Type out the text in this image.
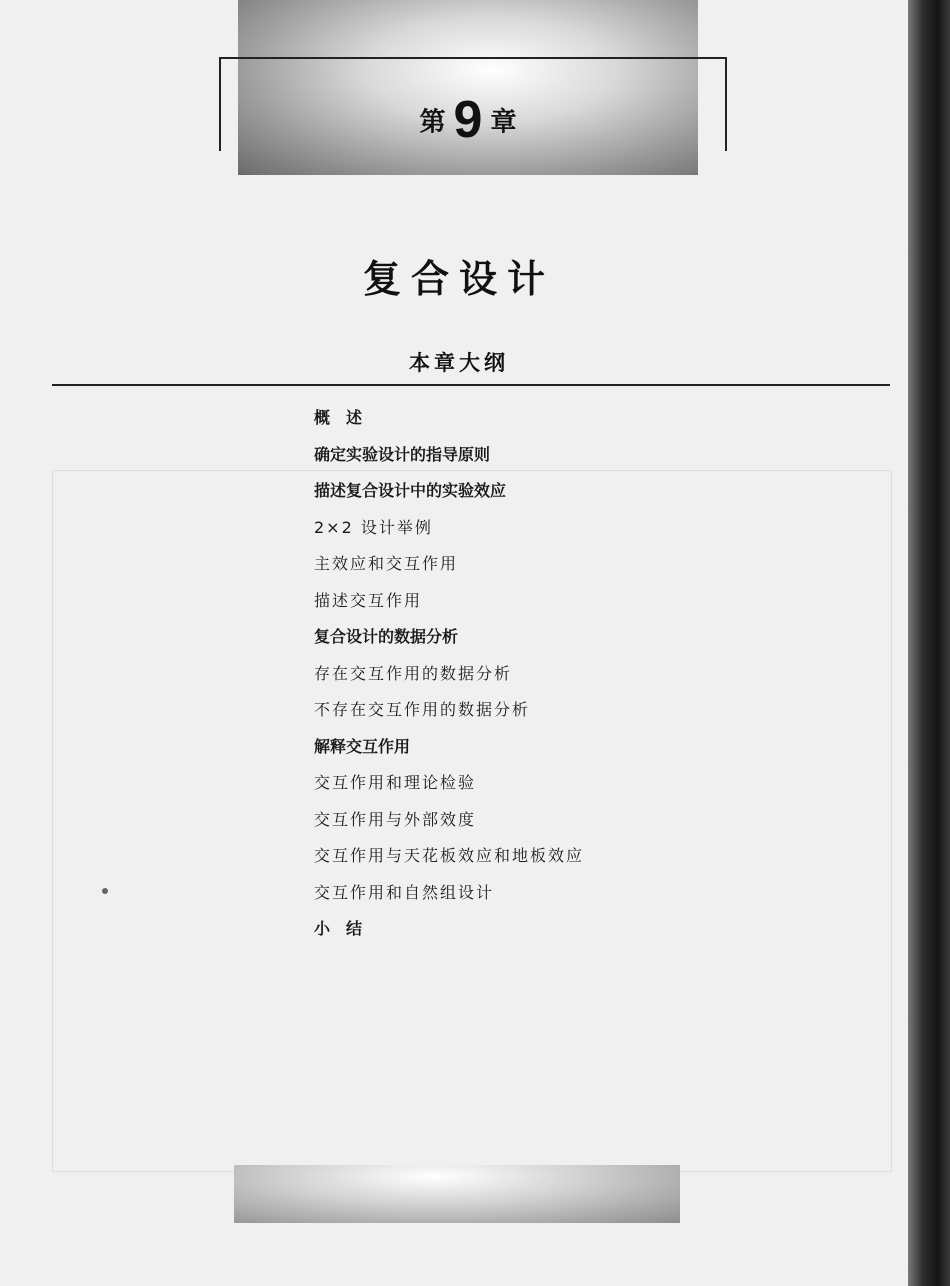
第 9 章
复合设计
本章大纲
概　述
确定实验设计的指导原则
描述复合设计中的实验效应
2×2 设计举例
主效应和交互作用
描述交互作用
复合设计的数据分析
存在交互作用的数据分析
不存在交互作用的数据分析
解释交互作用
交互作用和理论检验
交互作用与外部效度
交互作用与天花板效应和地板效应
交互作用和自然组设计
小　结
